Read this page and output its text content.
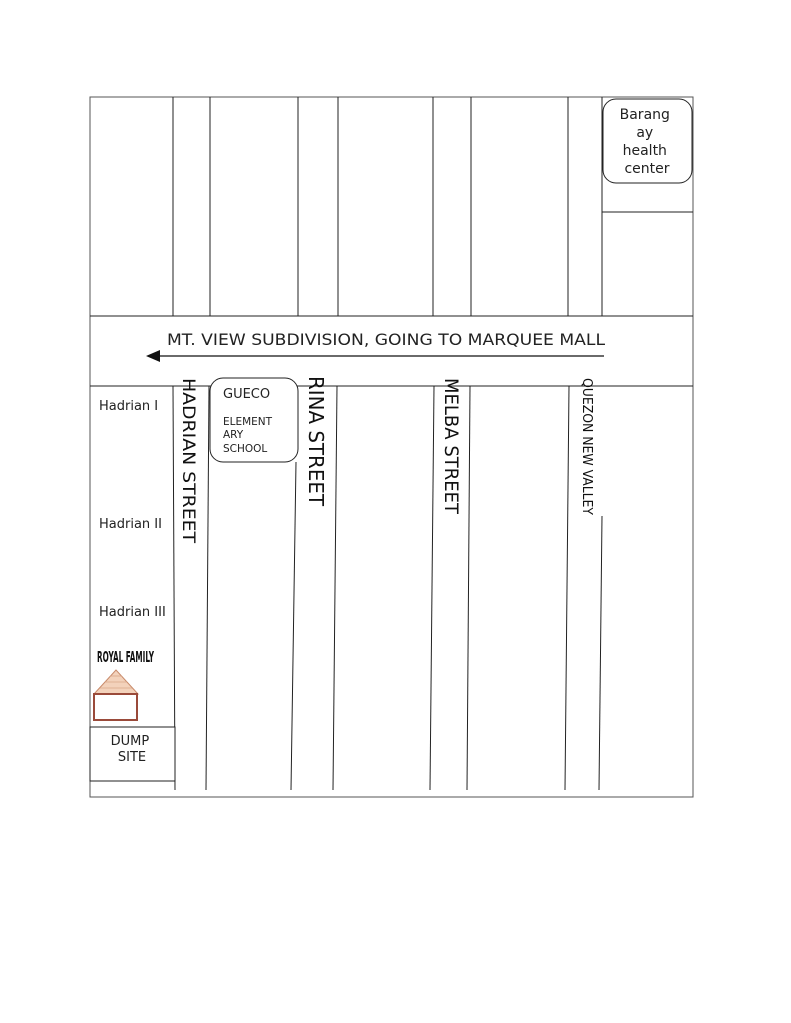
MT. VIEW SUBDIVISION, GOING TO MARQUEE MALL
Barang ay health center
GUECO
ELEMENT ARY SCHOOL
HADRIAN STREET	RINA STREET	MELBA STREET	QUEZON NEW VALLEY
Hadrian I
Hadrian II
Hadrian III
ROYAL FAMILY
DUMP SITE
